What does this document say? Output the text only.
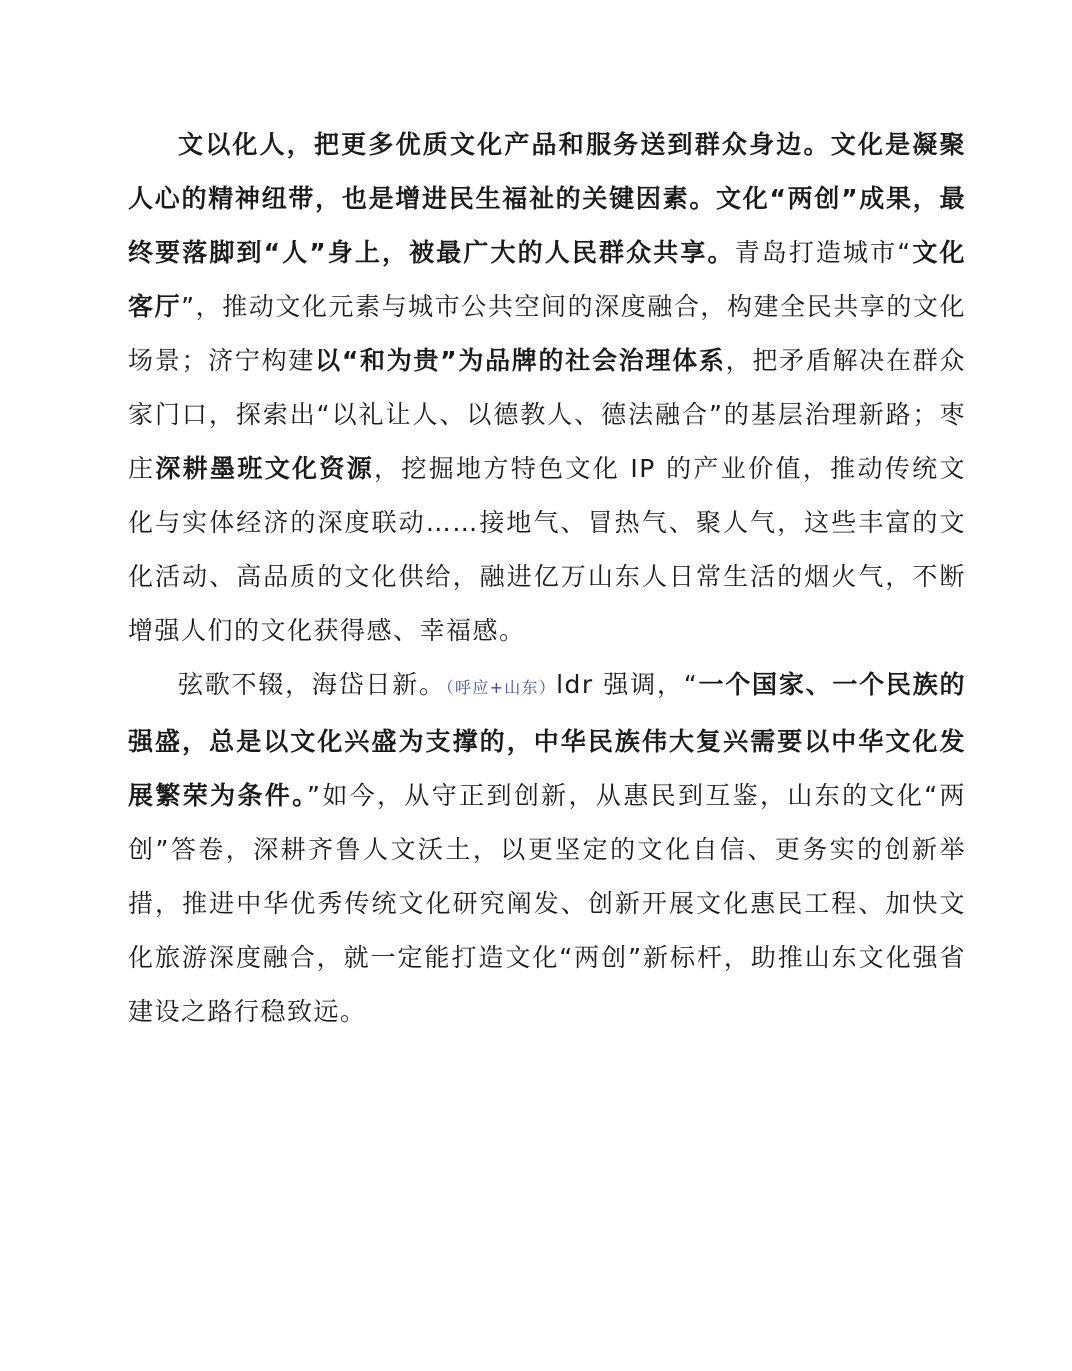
文以化人，把更多优质文化产品和服务送到群众身边。文化是凝聚人心的精神纽带，也是增进民生福祉的关键因素。文化“两创”成果，最终要落脚到“人”身上，被最广大的人民群众共享。青岛打造城市“文化客厅”，推动文化元素与城市公共空间的深度融合，构建全民共享的文化场景；济宁构建以“和为贵”为品牌的社会治理体系，把矛盾解决在群众家门口，探索出“以礼让人、以德教人、德法融合”的基层治理新路；枣庄深耕墨班文化资源，挖掘地方特色文化 IP 的产业价值，推动传统文化与实体经济的深度联动……接地气、冒热气、聚人气，这些丰富的文化活动、高品质的文化供给，融进亿万山东人日常生活的烟火气，不断增强人们的文化获得感、幸福感。

弦歌不辍，海岱日新。（呼应+山东）ldr 强调，“一个国家、一个民族的强盛，总是以文化兴盛为支撑的，中华民族伟大复兴需要以中华文化发展繁荣为条件。”如今，从守正到创新，从惠民到互鉴，山东的文化“两创”答卷，深耕齐鲁人文沃土，以更坚定的文化自信、更务实的创新举措，推进中华优秀传统文化研究阐发、创新开展文化惠民工程、加快文化旅游深度融合，就一定能打造文化“两创”新标杆，助推山东文化强省建设之路行稳致远。
